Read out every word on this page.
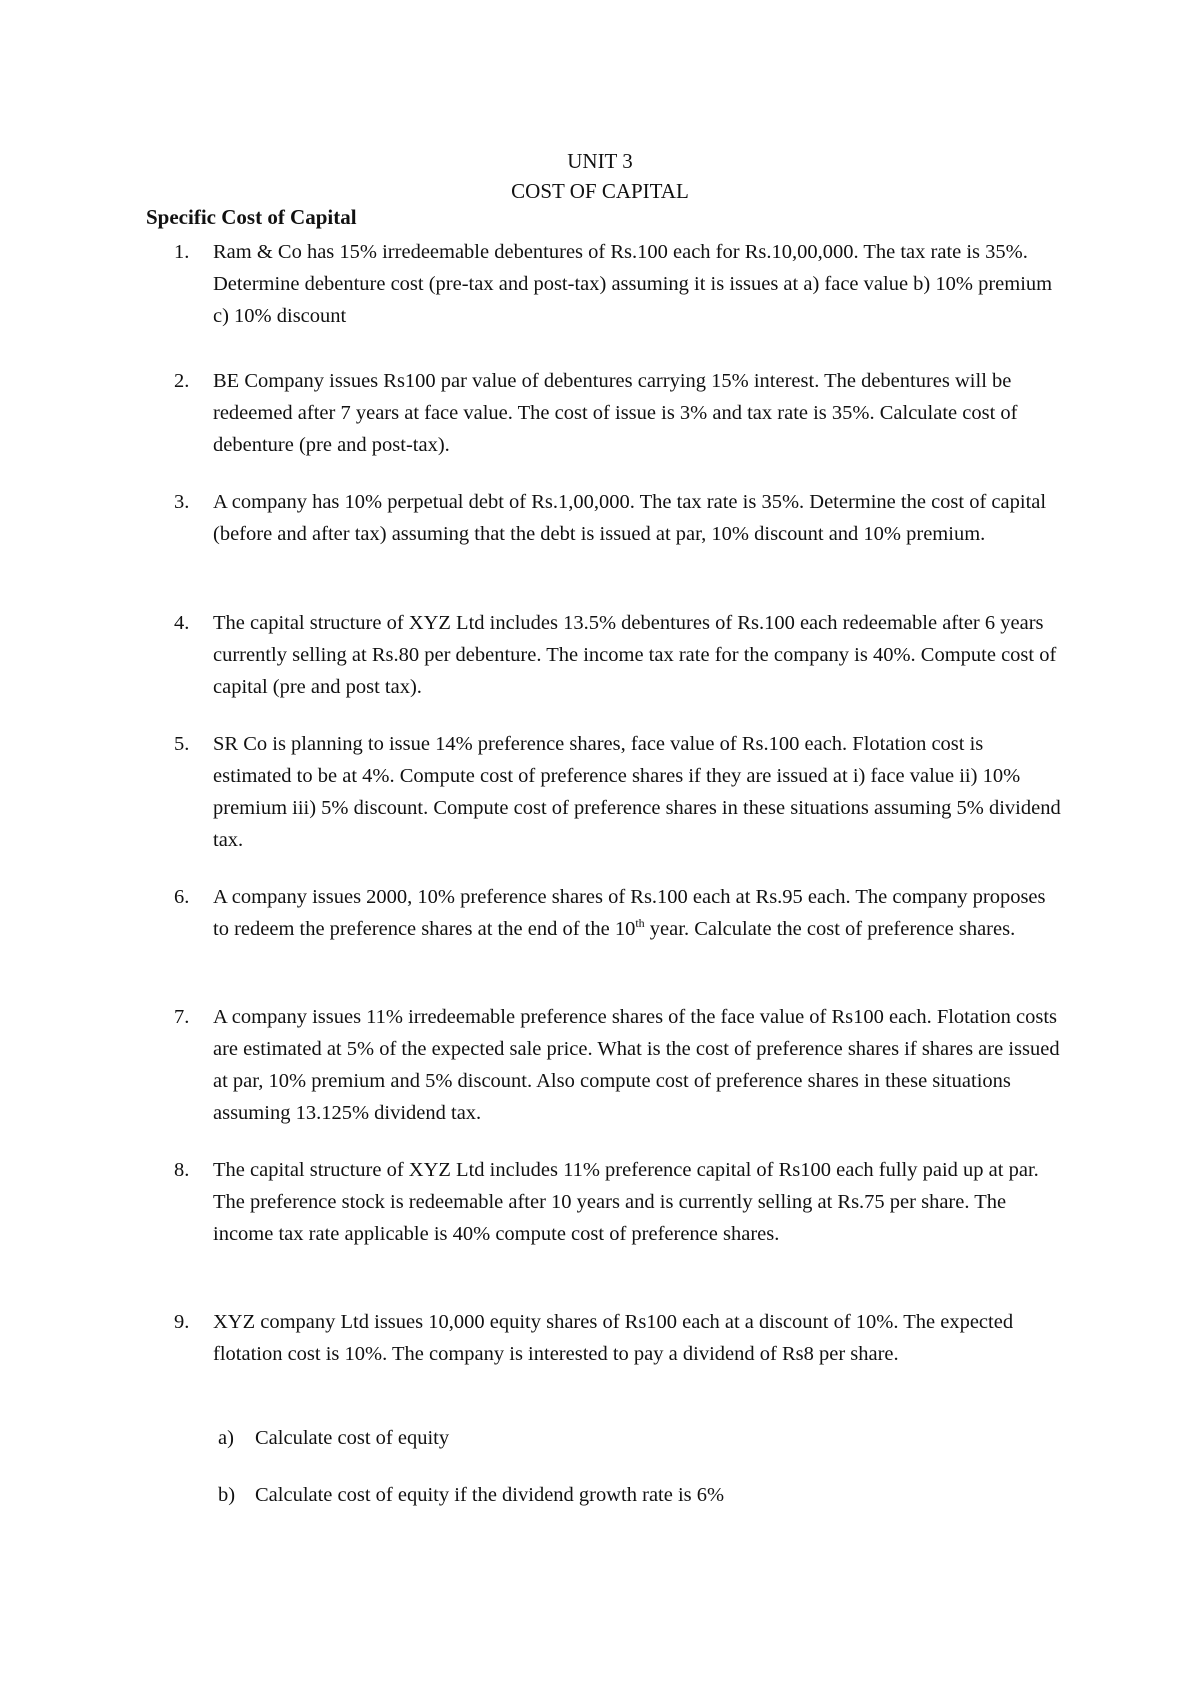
UNIT 3
COST OF CAPITAL
Specific Cost of Capital
1. Ram & Co has 15% irredeemable debentures of Rs.100 each for Rs.10,00,000. The tax rate is 35%. Determine debenture cost (pre-tax and post-tax) assuming it is issues at a) face value b) 10% premium c) 10% discount
2. BE Company issues Rs100 par value of debentures carrying 15% interest. The debentures will be redeemed after 7 years at face value. The cost of issue is 3% and tax rate is 35%. Calculate cost of debenture (pre and post-tax).
3. A company has 10% perpetual debt of Rs.1,00,000. The tax rate is 35%. Determine the cost of capital (before and after tax) assuming that the debt is issued at par, 10% discount and 10% premium.
4. The capital structure of XYZ Ltd includes 13.5% debentures of Rs.100 each redeemable after 6 years currently selling at Rs.80 per debenture. The income tax rate for the company is 40%. Compute cost of capital (pre and post tax).
5. SR Co is planning to issue 14% preference shares, face value of Rs.100 each. Flotation cost is estimated to be at 4%. Compute cost of preference shares if they are issued at i) face value ii) 10% premium iii) 5% discount. Compute cost of preference shares in these situations assuming 5% dividend tax.
6. A company issues 2000, 10% preference shares of Rs.100 each at Rs.95 each. The company proposes to redeem the preference shares at the end of the 10th year. Calculate the cost of preference shares.
7. A company issues 11% irredeemable preference shares of the face value of Rs100 each. Flotation costs are estimated at 5% of the expected sale price. What is the cost of preference shares if shares are issued at par, 10% premium and 5% discount. Also compute cost of preference shares in these situations assuming 13.125% dividend tax.
8. The capital structure of XYZ Ltd includes 11% preference capital of Rs100 each fully paid up at par. The preference stock is redeemable after 10 years and is currently selling at Rs.75 per share. The income tax rate applicable is 40% compute cost of preference shares.
9. XYZ company Ltd issues 10,000 equity shares of Rs100 each at a discount of 10%. The expected flotation cost is 10%. The company is interested to pay a dividend of Rs8 per share.
a) Calculate cost of equity
b) Calculate cost of equity if the dividend growth rate is 6%
